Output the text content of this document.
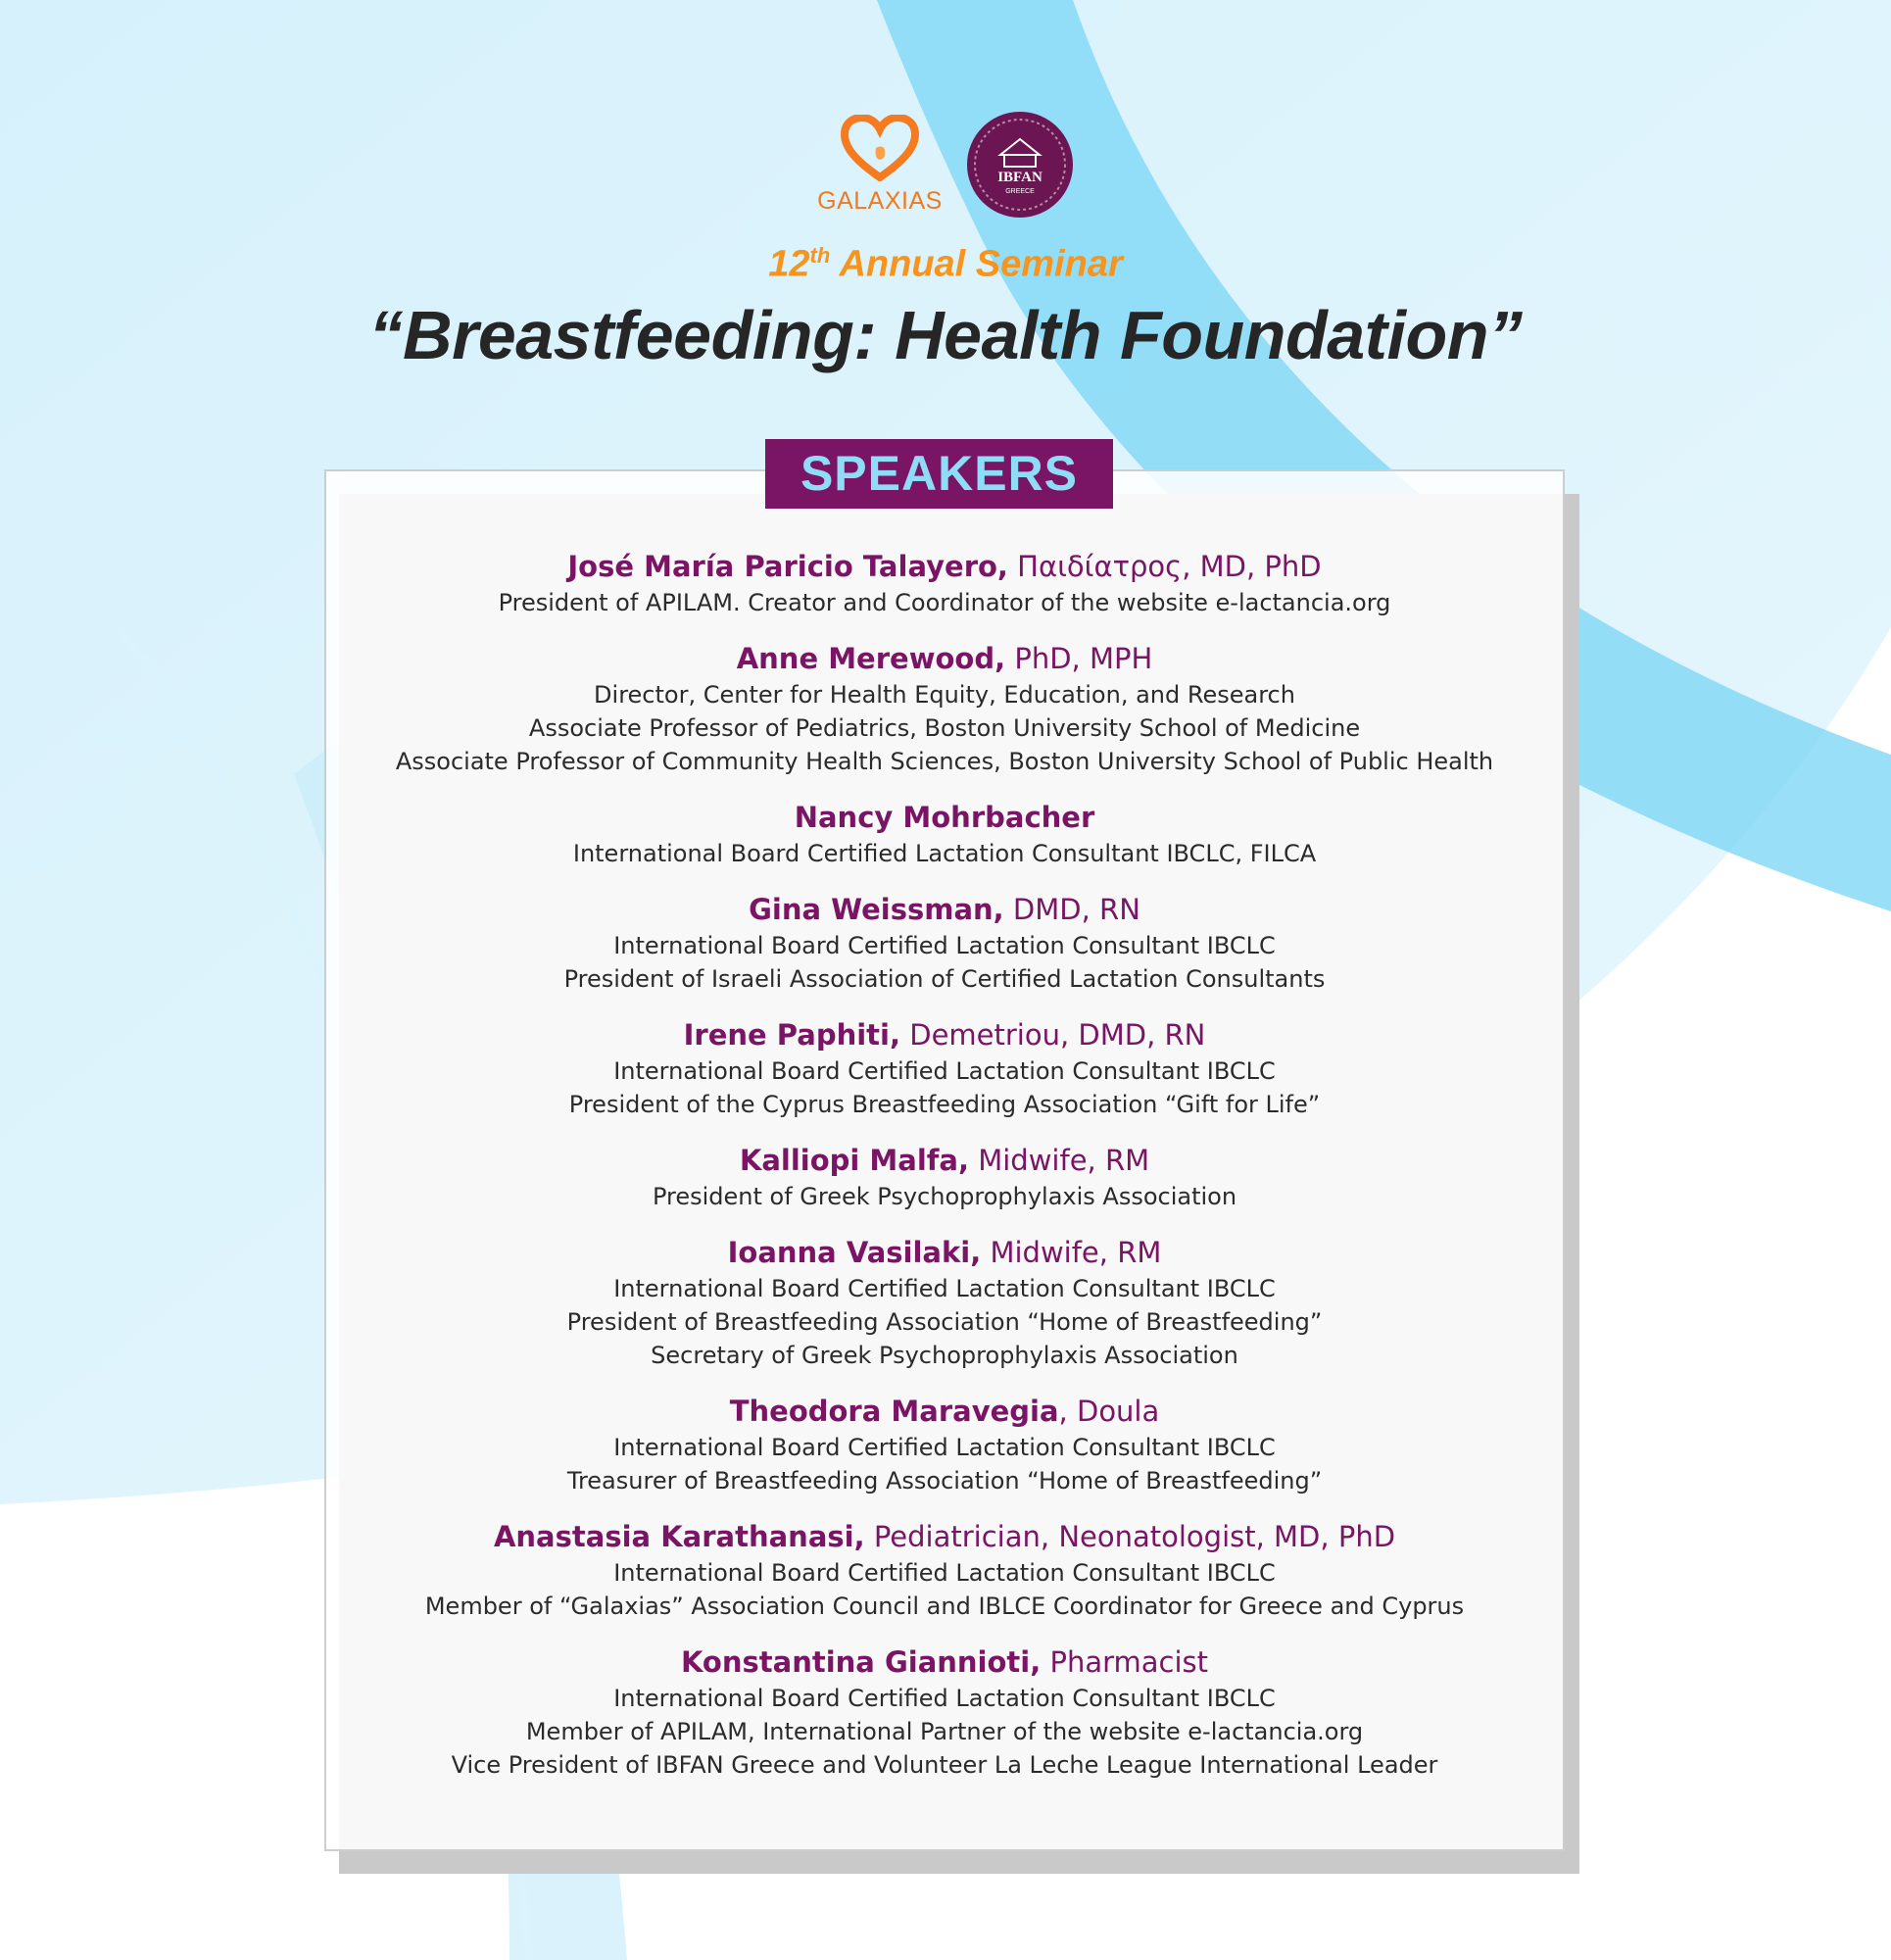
GALAXIAS
IBFAN
GREECE
12th Annual Seminar
“Breastfeeding: Health Foundation”
SPEAKERS
José María Paricio Talayero, Παιδίατρος, MD, PhD
President of APILAM. Creator and Coordinator of the website e-lactancia.org
Anne Merewood, PhD, MPH
Director, Center for Health Equity, Education, and Research
Associate Professor of Pediatrics, Boston University School of Medicine
Associate Professor of Community Health Sciences, Boston University School of Public Health
Nancy Mohrbacher
International Board Certified Lactation Consultant IBCLC, FILCA
Gina Weissman, DMD, RN
International Board Certified Lactation Consultant IBCLC
President of Israeli Association of Certified Lactation Consultants
Irene Paphiti, Demetriou, DMD, RN
International Board Certified Lactation Consultant IBCLC
President of the Cyprus Breastfeeding Association “Gift for Life”
Kalliopi Malfa, Midwife, RM
President of Greek Psychoprophylaxis Association
Ioanna Vasilaki, Midwife, RM
International Board Certified Lactation Consultant IBCLC
President of Breastfeeding Association “Home of Breastfeeding”
Secretary of Greek Psychoprophylaxis Association
Theodora Maravegia, Doula
International Board Certified Lactation Consultant IBCLC
Treasurer of Breastfeeding Association “Home of Breastfeeding”
Anastasia Karathanasi, Pediatrician, Neonatologist, MD, PhD
International Board Certified Lactation Consultant IBCLC
Member of “Galaxias” Association Council and IBLCE Coordinator for Greece and Cyprus
Konstantina Giannioti, Pharmacist
International Board Certified Lactation Consultant IBCLC
Member of APILAM, International Partner of the website e-lactancia.org
Vice President of IBFAN Greece and Volunteer La Leche League International Leader
